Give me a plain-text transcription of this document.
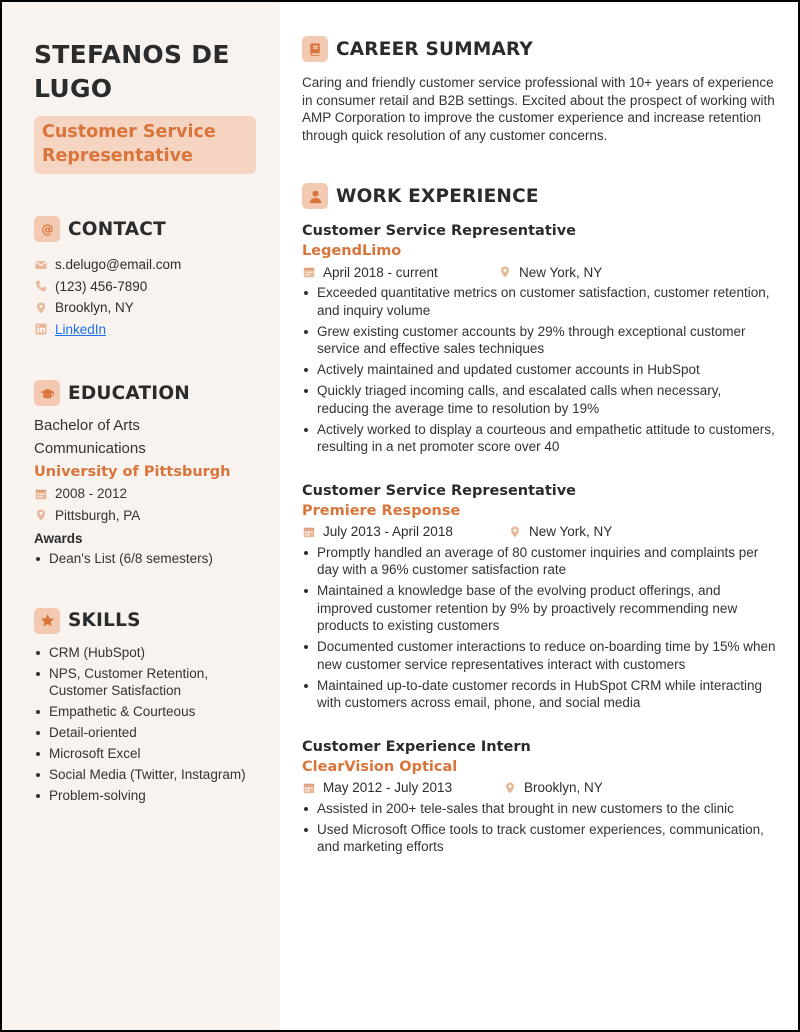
STEFANOS DE
LUGO
Customer Service
Representative
@ CONTACT
s.delugo@email.com
(123) 456-7890
Brooklyn, NY
LinkedIn
EDUCATION
Bachelor of Arts
Communications
University of Pittsburgh
2008 - 2012
Pittsburgh, PA
Awards
Dean's List (6/8 semesters)
SKILLS
CRM (HubSpot)
NPS, Customer Retention, Customer Satisfaction
Empathetic & Courteous
Detail-oriented
Microsoft Excel
Social Media (Twitter, Instagram)
Problem-solving
CAREER SUMMARY

Caring and friendly customer service professional with 10+ years of experience in consumer retail and B2B settings. Excited about the prospect of working with AMP Corporation to improve the customer experience and increase retention through quick resolution of any customer concerns.

WORK EXPERIENCE
Customer Service Representative
LegendLimo
April 2018 - current	New York, NY
Exceeded quantitative metrics on customer satisfaction, customer retention, and inquiry volume
Grew existing customer accounts by 29% through exceptional customer service and effective sales techniques
Actively maintained and updated customer accounts in HubSpot
Quickly triaged incoming calls, and escalated calls when necessary, reducing the average time to resolution by 19%
Actively worked to display a courteous and empathetic attitude to customers, resulting in a net promoter score over 40
Customer Service Representative
Premiere Response
July 2013 - April 2018	New York, NY
Promptly handled an average of 80 customer inquiries and complaints per day with a 96% customer satisfaction rate
Maintained a knowledge base of the evolving product offerings, and improved customer retention by 9% by proactively recommending new products to existing customers
Documented customer interactions to reduce on-boarding time by 15% when new customer service representatives interact with customers
Maintained up-to-date customer records in HubSpot CRM while interacting with customers across email, phone, and social media
Customer Experience Intern
ClearVision Optical
May 2012 - July 2013	Brooklyn, NY
Assisted in 200+ tele-sales that brought in new customers to the clinic
Used Microsoft Office tools to track customer experiences, communication, and marketing efforts
